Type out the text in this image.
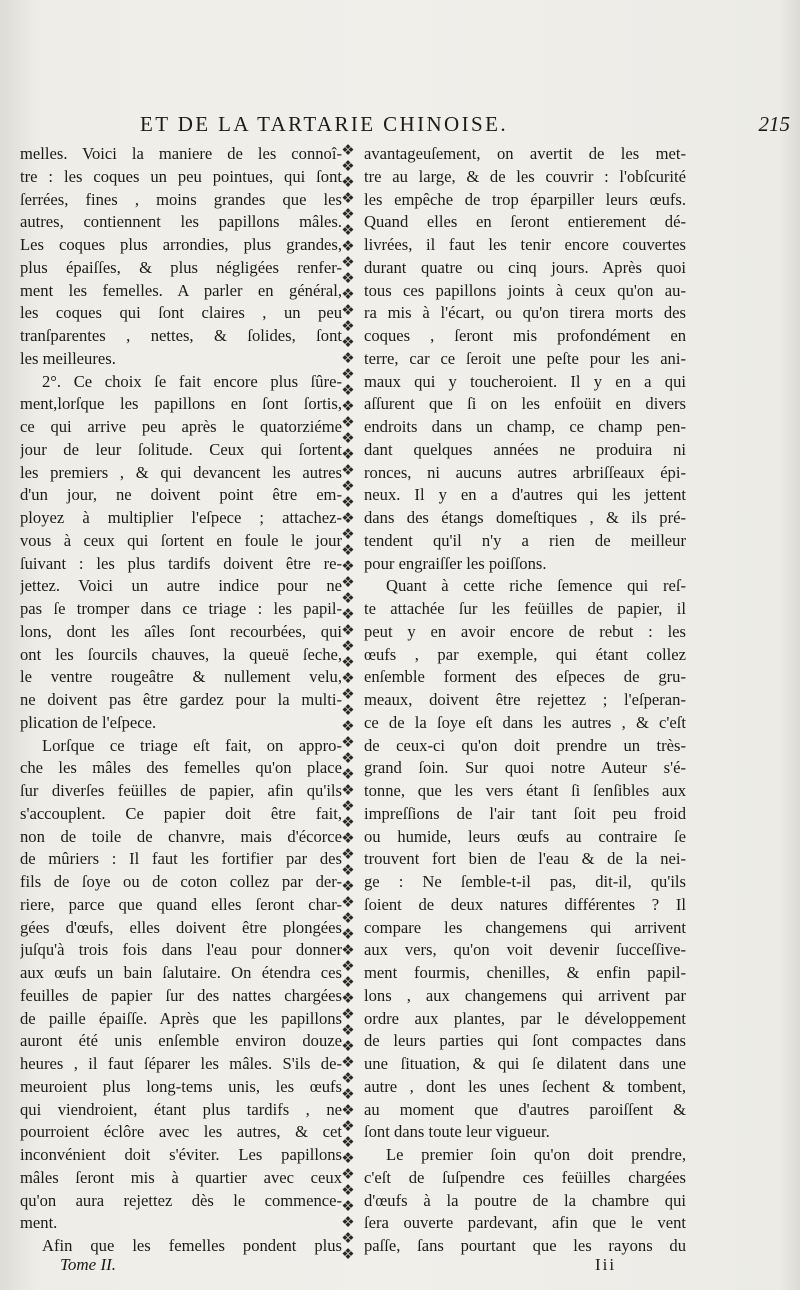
ET DE LA TARTARIE CHINOISE.	215
melles. Voici la maniere de les connoî-
tre : les coques un peu pointues, qui ſont
ſerrées, fines , moins grandes que les
autres, contiennent les papillons mâles.
Les coques plus arrondies, plus grandes,
plus épaiſſes, & plus négligées renfer-
ment les femelles. A parler en général,
les coques qui ſont claires , un peu
tranſparentes , nettes, & ſolides, ſont
les meilleures.
2°. Ce choix ſe fait encore plus ſûre-
ment,lorſque les papillons en ſont ſortis,
ce qui arrive peu après le quatorziéme
jour de leur ſolitude. Ceux qui ſortent
les premiers , & qui devancent les autres
d'un jour, ne doivent point être em-
ployez à multiplier l'eſpece ; attachez-
vous à ceux qui ſortent en foule le jour
ſuivant : les plus tardifs doivent être re-
jettez. Voici un autre indice pour ne
pas ſe tromper dans ce triage : les papil-
lons, dont les aîles ſont recourbées, qui
ont les ſourcils chauves, la queuë ſeche,
le ventre rougeâtre & nullement velu,
ne doivent pas être gardez pour la multi-
plication de l'eſpece.
Lorſque ce triage eſt fait, on appro-
che les mâles des femelles qu'on place
ſur diverſes feüilles de papier, afin qu'ils
s'accouplent. Ce papier doit être fait,
non de toile de chanvre, mais d'écorce
de mûriers : Il faut les fortifier par des
fils de ſoye ou de coton collez par der-
riere, parce que quand elles ſeront char-
gées d'œufs, elles doivent être plongées
juſqu'à trois fois dans l'eau pour donner
aux œufs un bain ſalutaire. On étendra ces
feuilles de papier ſur des nattes chargées
de paille épaiſſe. Après que les papillons
auront été unis enſemble environ douze
heures , il faut ſéparer les mâles. S'ils de-
meuroient plus long-tems unis, les œufs
qui viendroient, étant plus tardifs , ne
pourroient éclôre avec les autres, & cet
inconvénient doit s'éviter. Les papillons
mâles ſeront mis à quartier avec ceux
qu'on aura rejettez dès le commence-
ment.
Afin que les femelles pondent plus
❖
❖
❖
❖
❖
❖
❖
❖
❖
❖
❖
❖
❖
❖
❖
❖
❖
❖
❖
❖
❖
❖
❖
❖
❖
❖
❖
❖
❖
❖
❖
❖
❖
❖
❖
❖
❖
❖
❖
❖
❖
❖
❖
❖
❖
❖
❖
❖
❖
❖
❖
❖
❖
❖
❖
❖
❖
❖
❖
❖
❖
❖
❖
❖
❖
❖
❖
❖
❖
❖

avantageuſement, on avertit de les met-
tre au large, & de les couvrir : l'obſcurité
les empêche de trop éparpiller leurs œufs.
Quand elles en ſeront entierement dé-
livrées, il faut les tenir encore couvertes
durant quatre ou cinq jours. Après quoi
tous ces papillons joints à ceux qu'on au-
ra mis à l'écart, ou qu'on tirera morts des
coques , ſeront mis profondément en
terre, car ce ſeroit une peſte pour les ani-
maux qui y toucheroient. Il y en a qui
aſſurent que ſi on les enfoüit en divers
endroits dans un champ, ce champ pen-
dant quelques années ne produira ni
ronces, ni aucuns autres arbriſſeaux épi-
neux. Il y en a d'autres qui les jettent
dans des étangs domeſtiques , & ils pré-
tendent qu'il n'y a rien de meilleur
pour engraiſſer les poiſſons.
Quant à cette riche ſemence qui reſ-
te attachée ſur les feüilles de papier, il
peut y en avoir encore de rebut : les
œufs , par exemple, qui étant collez
enſemble forment des eſpeces de gru-
meaux, doivent être rejettez ; l'eſperan-
ce de la ſoye eſt dans les autres , & c'eſt
de ceux-ci qu'on doit prendre un très-
grand ſoin. Sur quoi notre Auteur s'é-
tonne, que les vers étant ſi ſenſibles aux
impreſſions de l'air tant ſoit peu froid
ou humide, leurs œufs au contraire ſe
trouvent fort bien de l'eau & de la nei-
ge : Ne ſemble-t-il pas, dit-il, qu'ils
ſoient de deux natures différentes ? Il
compare les changemens qui arrivent
aux vers, qu'on voit devenir ſucceſſive-
ment fourmis, chenilles, & enfin papil-
lons , aux changemens qui arrivent par
ordre aux plantes, par le développement
de leurs parties qui ſont compactes dans
une ſituation, & qui ſe dilatent dans une
autre , dont les unes ſechent & tombent,
au moment que d'autres paroiſſent &
ſont dans toute leur vigueur.
Le premier ſoin qu'on doit prendre,
c'eſt de ſuſpendre ces feüilles chargées
d'œufs à la poutre de la chambre qui
ſera ouverte pardevant, afin que le vent
paſſe, ſans pourtant que les rayons du
Tome II.	Iii
